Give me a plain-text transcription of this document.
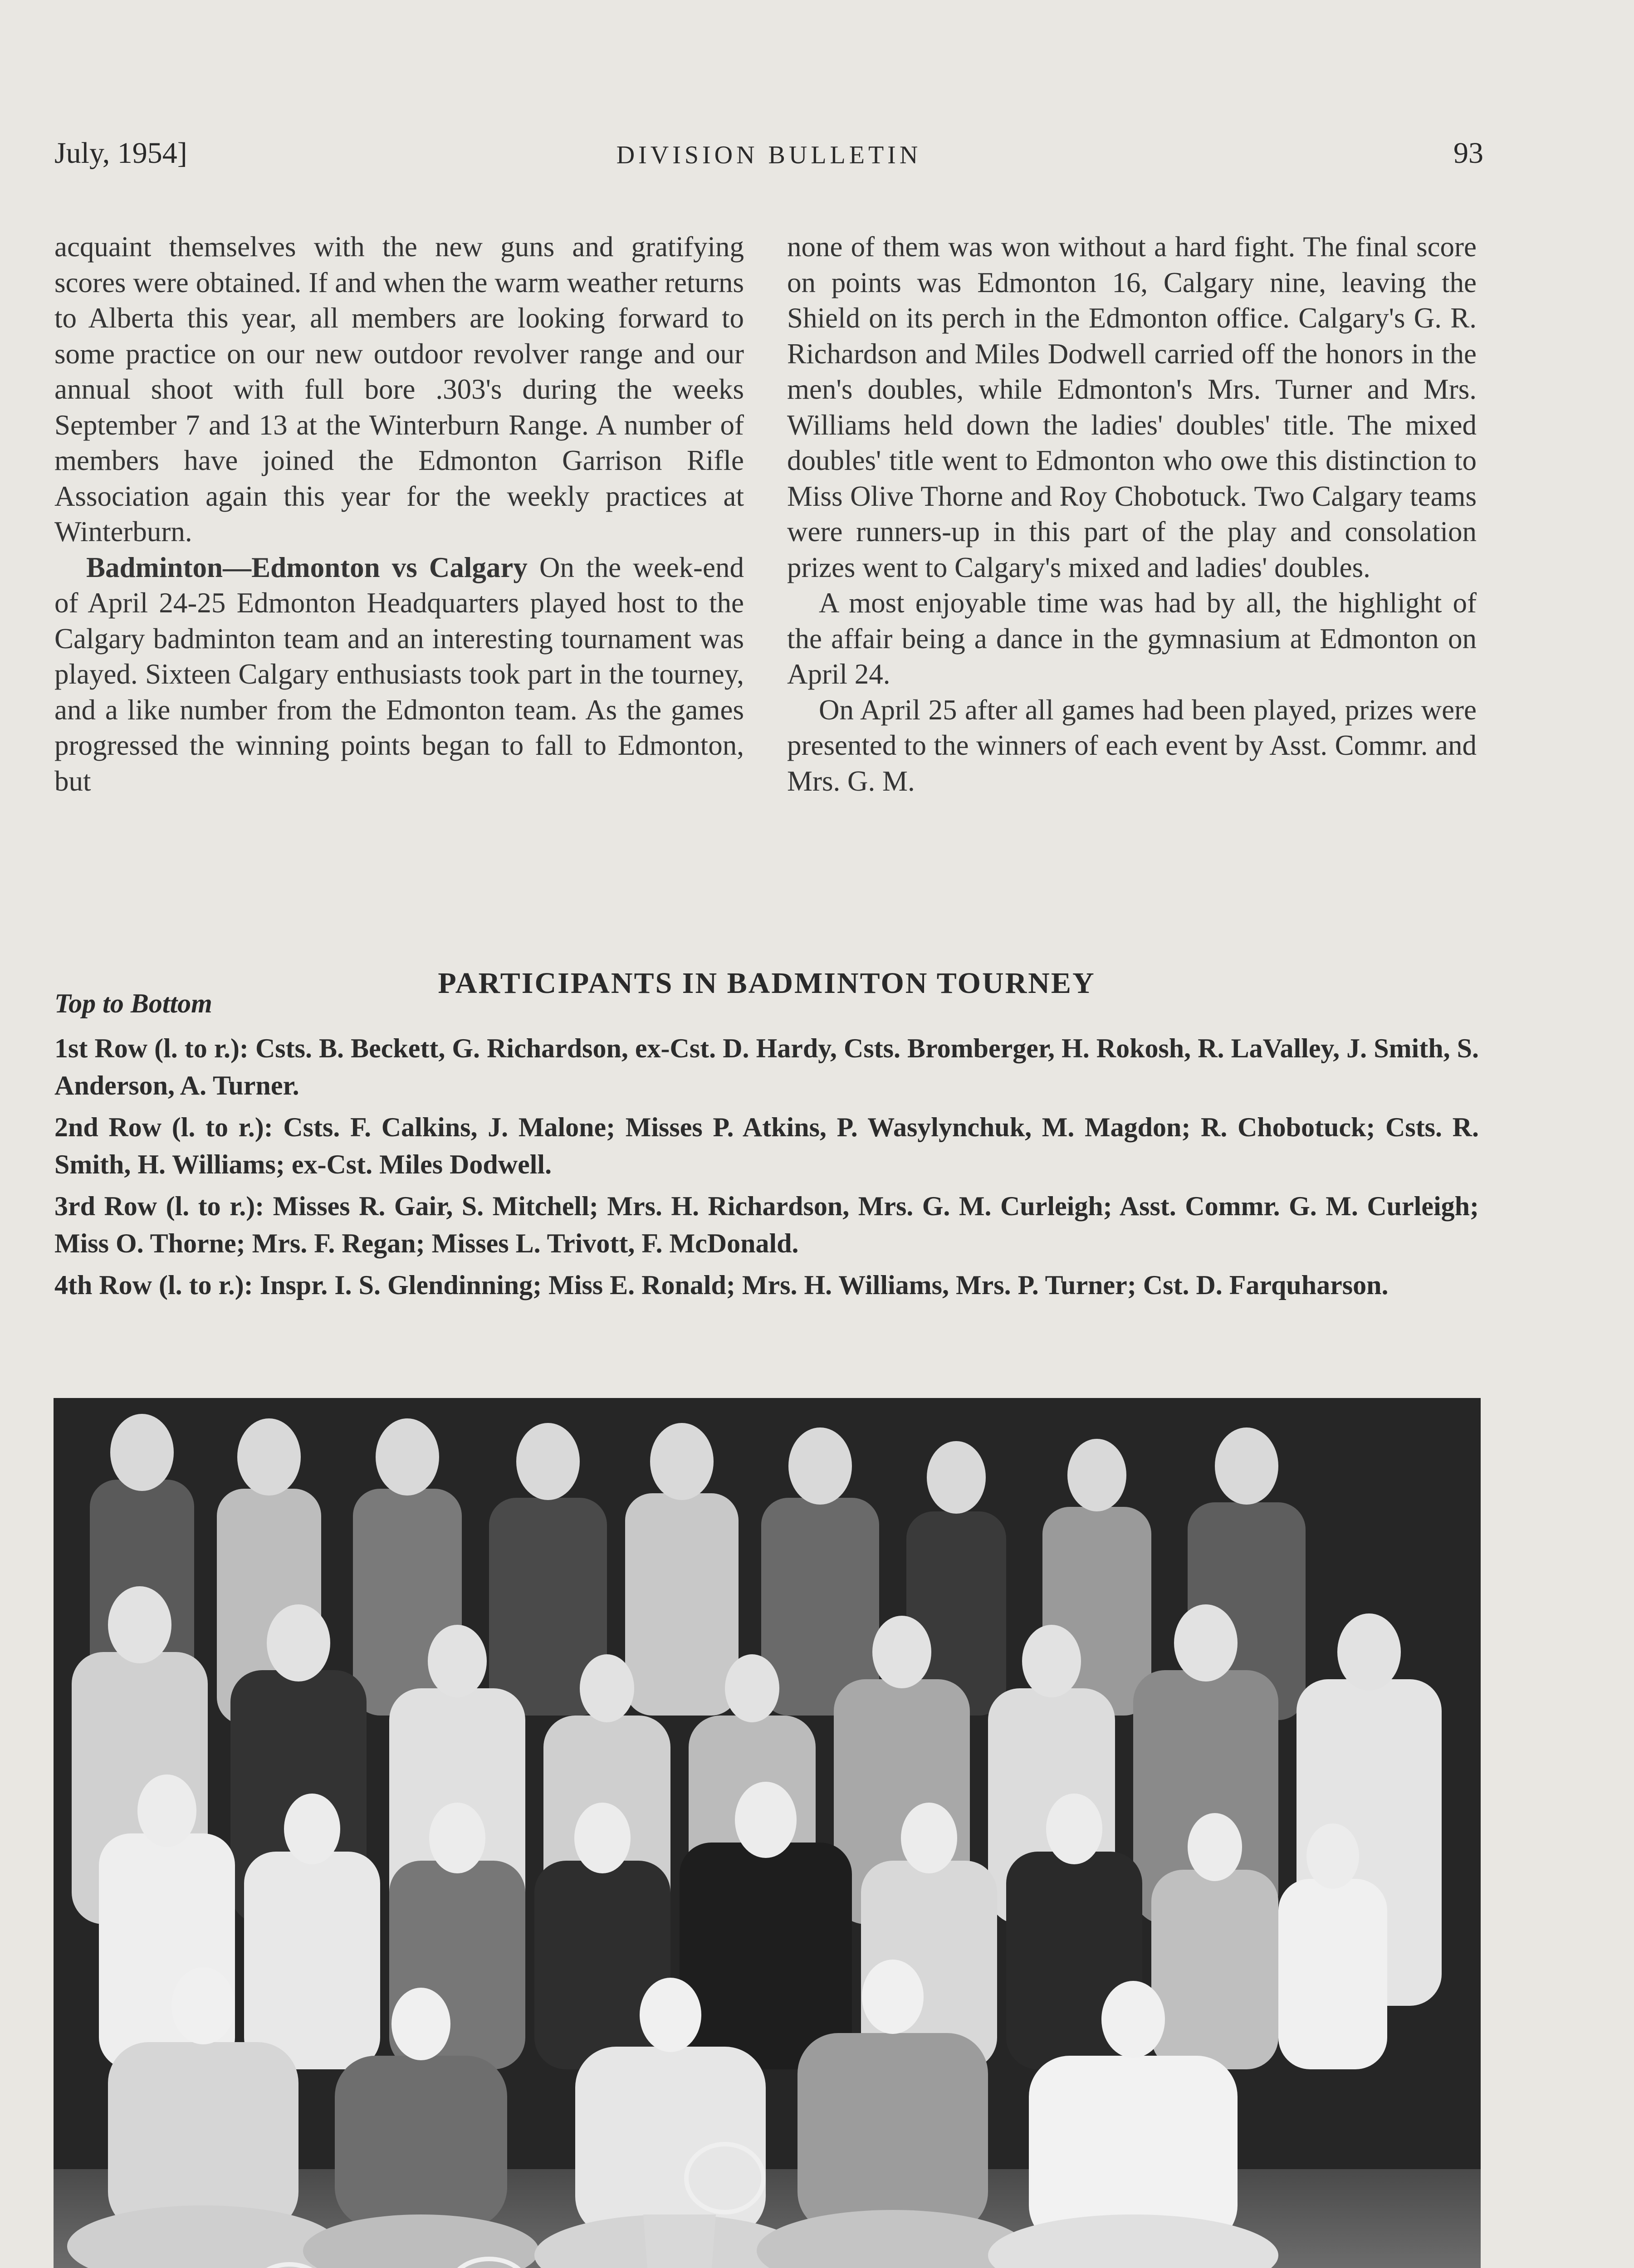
July, 1954]	DIVISION BULLETIN	93

acquaint themselves with the new guns and gratifying scores were obtained. If and when the warm weather returns to Alberta this year, all members are looking forward to some practice on our new outdoor revolver range and our annual shoot with full bore .303's during the weeks September 7 and 13 at the Winterburn Range. A number of members have joined the Edmonton Garrison Rifle Association again this year for the weekly practices at Winterburn.

Badminton—Edmonton vs Calgary On the week-end of April 24-25 Edmonton Headquarters played host to the Calgary badminton team and an interesting tournament was played. Sixteen Calgary enthusiasts took part in the tourney, and a like number from the Edmonton team. As the games progressed the winning points began to fall to Edmonton, but

none of them was won without a hard fight. The final score on points was Edmonton 16, Calgary nine, leaving the Shield on its perch in the Edmonton office. Calgary's G. R. Richardson and Miles Dodwell carried off the honors in the men's doubles, while Edmonton's Mrs. Turner and Mrs. Williams held down the ladies' doubles' title. The mixed doubles' title went to Edmonton who owe this distinction to Miss Olive Thorne and Roy Chobotuck. Two Calgary teams were runners-up in this part of the play and consolation prizes went to Calgary's mixed and ladies' doubles.

A most enjoyable time was had by all, the highlight of the affair being a dance in the gymnasium at Edmonton on April 24.

On April 25 after all games had been played, prizes were presented to the winners of each event by Asst. Commr. and Mrs. G. M.

PARTICIPANTS IN BADMINTON TOURNEY
Top to Bottom

1st Row (l. to r.): Csts. B. Beckett, G. Richardson, ex-Cst. D. Hardy, Csts. Bromberger, H. Rokosh, R. LaValley, J. Smith, S. Anderson, A. Turner.

2nd Row (l. to r.): Csts. F. Calkins, J. Malone; Misses P. Atkins, P. Wasylynchuk, M. Magdon; R. Chobotuck; Csts. R. Smith, H. Williams; ex-Cst. Miles Dodwell.

3rd Row (l. to r.): Misses R. Gair, S. Mitchell; Mrs. H. Richardson, Mrs. G. M. Curleigh; Asst. Commr. G. M. Curleigh; Miss O. Thorne; Mrs. F. Regan; Misses L. Trivott, F. McDonald.

4th Row (l. to r.): Inspr. I. S. Glendinning; Miss E. Ronald; Mrs. H. Williams, Mrs. P. Turner; Cst. D. Farquharson.
